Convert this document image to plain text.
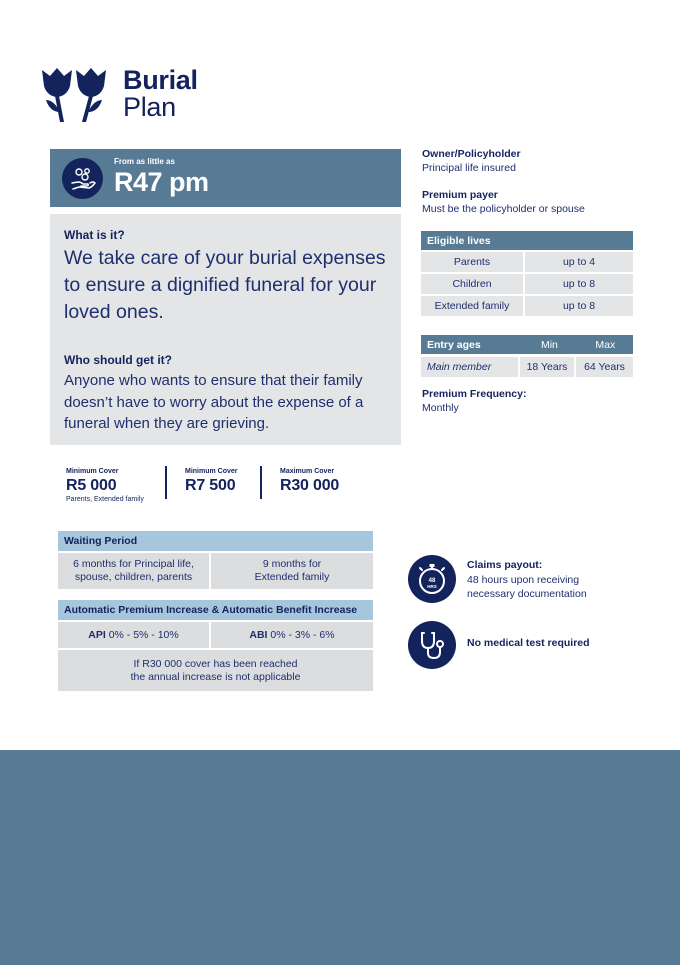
Burial
Plan
From as little as
R47 pm
What is it?
We take care of your burial expenses to ensure a dignified funeral for your loved ones.
Who should get it?
Anyone who wants to ensure that their family doesn’t have to worry about the expense of a funeral when they are grieving.
Minimum Cover
R5 000
Parents, Extended family
Minimum Cover
R7 500
Maximum Cover
R30 000
Waiting Period
6 months for Principal life, spouse, children, parents
9 months for Extended family
Automatic Premium Increase & Automatic Benefit Increase
API 0% - 5% - 10%	ABI 0% - 3% - 6%
If R30 000 cover has been reached the annual increase is not applicable
Owner/Policyholder
Principal life insured
Premium payer
Must be the policyholder or spouse
Eligible lives
Parents	up to 4
Children	up to 8
Extended family	up to 8
Entry ages	Min	Max
Main member	18 Years	64 Years
Premium Frequency:
Monthly
48
HRS
Claims payout:
48 hours upon receiving necessary documentation
No medical test required
